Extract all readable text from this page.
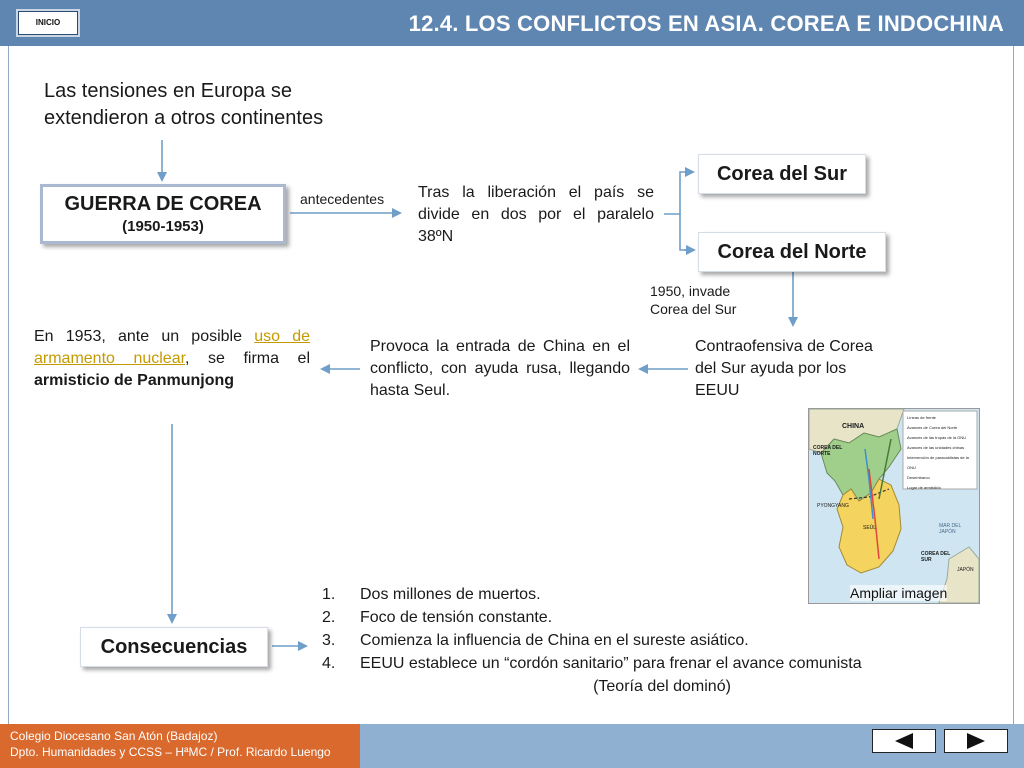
INICIO	12.4. LOS CONFLICTOS EN ASIA. COREA E INDOCHINA
Las tensiones en Europa se extendieron a otros continentes
GUERRA DE COREA
(1950-1953)
antecedentes Tras la liberación el país se divide en dos por el paralelo 38ºN
Corea del Sur
Corea del Norte
1950, invade Corea del Sur
Contraofensiva de Corea del Sur ayuda por los EEUU
Provoca la entrada de China en el conflicto, con ayuda rusa, llegando hasta Seul.
En 1953, ante un posible uso de armamento nuclear, se firma el armisticio de Panmunjong
Consecuencias
1. Dos millones de muertos.
2. Foco de tensión constante.
3. Comienza la influencia de China en el sureste asiático.
4. EEUU establece un “cordón sanitario” para frenar el avance comunista
(Teoría del dominó)
CHINA
COREA DEL NORTE
PYONGYANG
SEÚL
COREA DEL SUR
MAR DEL JAPÓN
JAPÓN
Líneas de frente
Avances de Corea del Norte
Avances de las tropas de la ONU
Avances de las unidades chinas
Intervención de paracaidistas de la ONU
Desembarco
Lugar de armisticio
Ampliar imagen
Colegio Diocesano San Atón (Badajoz)
Dpto. Humanidades y CCSS – HªMC / Prof. Ricardo Luengo
